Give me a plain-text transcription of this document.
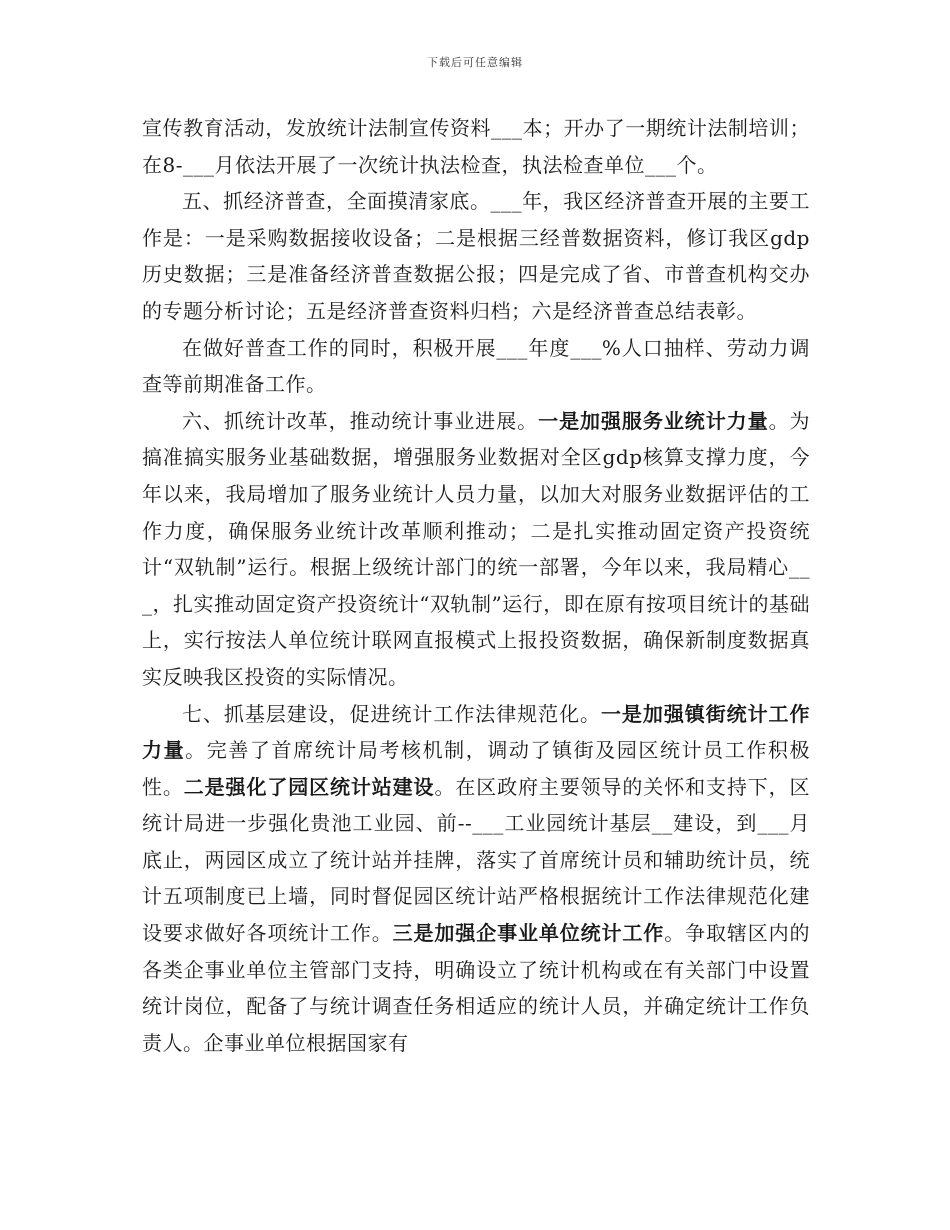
下载后可任意编辑

宣传教育活动，发放统计法制宣传资料___本；开办了一期统计法制培训；在8-___月依法开展了一次统计执法检查，执法检查单位___个。

五、抓经济普查，全面摸清家底。___年，我区经济普查开展的主要工作是：一是采购数据接收设备；二是根据三经普数据资料，修订我区gdp历史数据；三是准备经济普查数据公报；四是完成了省、市普查机构交办的专题分析讨论；五是经济普查资料归档；六是经济普查总结表彰。

在做好普查工作的同时，积极开展___年度___%人口抽样、劳动力调查等前期准备工作。

六、抓统计改革，推动统计事业进展。一是加强服务业统计力量。为搞准搞实服务业基础数据，增强服务业数据对全区gdp核算支撑力度，今年以来，我局增加了服务业统计人员力量，以加大对服务业数据评估的工作力度，确保服务业统计改革顺利推动；二是扎实推动固定资产投资统计“双轨制”运行。根据上级统计部门的统一部署，今年以来，我局精心___，扎实推动固定资产投资统计“双轨制”运行，即在原有按项目统计的基础上，实行按法人单位统计联网直报模式上报投资数据，确保新制度数据真实反映我区投资的实际情况。

七、抓基层建设，促进统计工作法律规范化。一是加强镇街统计工作力量。完善了首席统计局考核机制，调动了镇街及园区统计员工作积极性。二是强化了园区统计站建设。在区政府主要领导的关怀和支持下，区统计局进一步强化贵池工业园、前--___工业园统计基层__建设，到___月底止，两园区成立了统计站并挂牌，落实了首席统计员和辅助统计员，统计五项制度已上墙，同时督促园区统计站严格根据统计工作法律规范化建设要求做好各项统计工作。三是加强企事业单位统计工作。争取辖区内的各类企事业单位主管部门支持，明确设立了统计机构或在有关部门中设置统计岗位，配备了与统计调查任务相适应的统计人员，并确定统计工作负责人。企事业单位根据国家有
